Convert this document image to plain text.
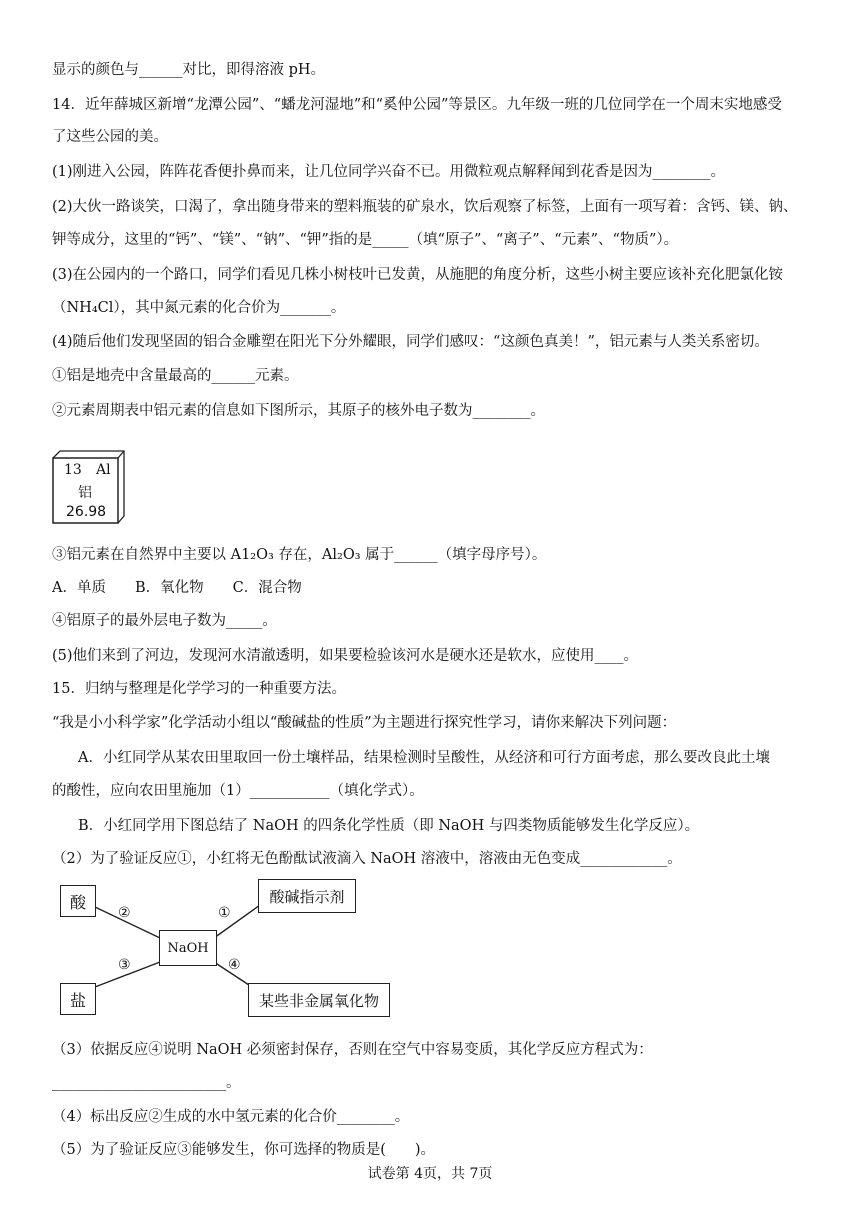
显示的颜色与______对比，即得溶液 pH。
14．近年薛城区新增“龙潭公园”、“蟠龙河湿地”和“奚仲公园”等景区。九年级一班的几位同学在一个周末实地感受
了这些公园的美。
(1)刚进入公园，阵阵花香便扑鼻而来，让几位同学兴奋不已。用微粒观点解释闻到花香是因为________。
(2)大伙一路谈笑，口渴了，拿出随身带来的塑料瓶装的矿泉水，饮后观察了标签，上面有一项写着：含钙、镁、钠、
钾等成分，这里的“钙”、“镁”、“钠”、“钾”指的是_____（填“原子”、“离子”、“元素”、“物质”）。
(3)在公园内的一个路口，同学们看见几株小树枝叶已发黄，从施肥的角度分析，这些小树主要应该补充化肥氯化铵
（NH₄Cl），其中氮元素的化合价为_______。
(4)随后他们发现坚固的铝合金雕塑在阳光下分外耀眼，同学们感叹：“这颜色真美！”，铝元素与人类关系密切。
①铝是地壳中含量最高的______元素。
②元素周期表中铝元素的信息如下图所示，其原子的核外电子数为________。
13 Al
铝
26.98
③铝元素在自然界中主要以 A1₂O₃ 存在，Al₂O₃ 属于______（填字母序号）。
A．单质　　B．氧化物　　C．混合物
④铝原子的最外层电子数为_____。
(5)他们来到了河边，发现河水清澈透明，如果要检验该河水是硬水还是软水，应使用____。
15．归纳与整理是化学学习的一种重要方法。
“我是小小科学家”化学活动小组以“酸碱盐的性质”为主题进行探究性学习，请你来解决下列问题：
A．小红同学从某农田里取回一份土壤样品，结果检测时呈酸性，从经济和可行方面考虑，那么要改良此土壤
的酸性，应向农田里施加（1）___________（填化学式）。
B．小红同学用下图总结了 NaOH 的四条化学性质（即 NaOH 与四类物质能够发生化学反应）。
（2）为了验证反应①，小红将无色酚酞试液滴入 NaOH 溶液中，溶液由无色变成____________。
酸	酸碱指示剂
NaOH
盐	某些非金属氧化物
②	①
③	④
（3）依据反应④说明 NaOH 必须密封保存，否则在空气中容易变质，其化学反应方程式为：
________________________。
（4）标出反应②生成的水中氢元素的化合价________。
（5）为了验证反应③能够发生，你可选择的物质是(　　)。
试卷第 4页，共 7页
